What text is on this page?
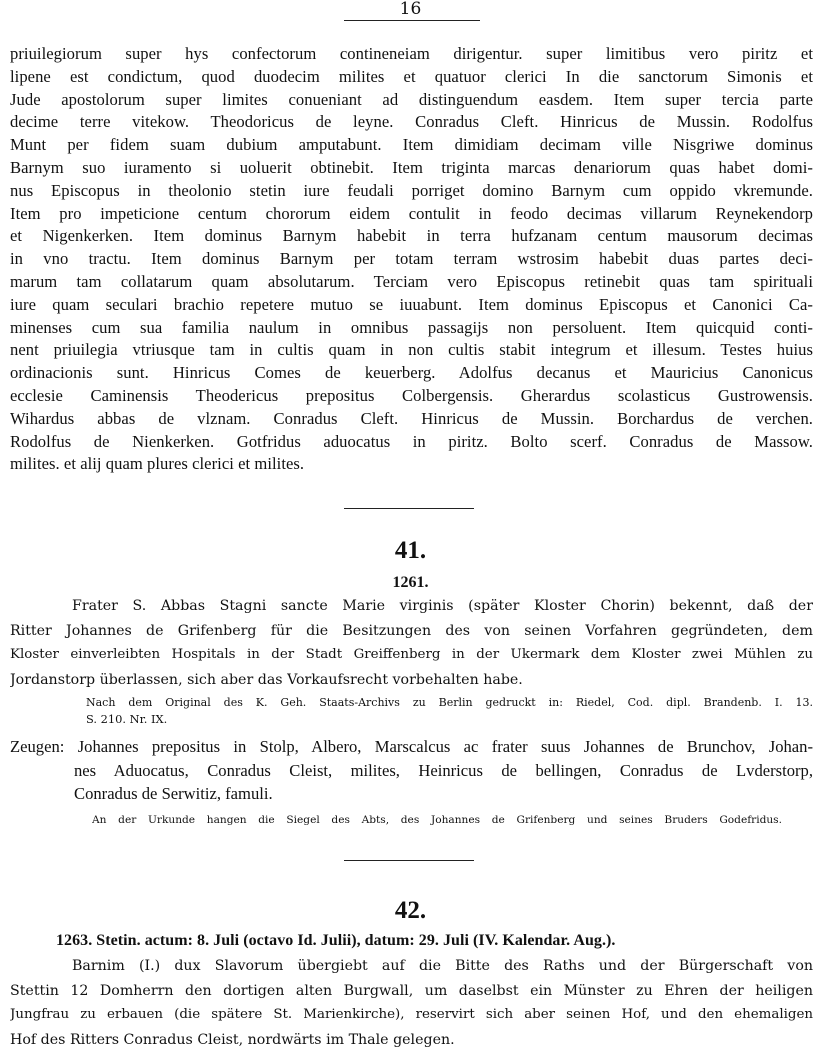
16
priuilegiorum super hys confectorum contineneiam dirigentur. super limitibus vero piritz et
lipene est condictum, quod duodecim milites et quatuor clerici In die sanctorum Simonis et
Jude apostolorum super limites conueniant ad distinguendum easdem. Item super tercia parte
decime terre vitekow. Theodoricus de leyne. Conradus Cleft. Hinricus de Mussin. Rodolfus
Munt per fidem suam dubium amputabunt. Item dimidiam decimam ville Nisgriwe dominus
Barnym suo iuramento si uoluerit obtinebit. Item triginta marcas denariorum quas habet domi-
nus Episcopus in theolonio stetin iure feudali porriget domino Barnym cum oppido vkremunde.
Item pro impeticione centum chororum eidem contulit in feodo decimas villarum Reynekendorp
et Nigenkerken. Item dominus Barnym habebit in terra hufzanam centum mausorum decimas
in vno tractu. Item dominus Barnym per totam terram wstrosim habebit duas partes deci-
marum tam collatarum quam absolutarum. Terciam vero Episcopus retinebit quas tam spirituali
iure quam seculari brachio repetere mutuo se iuuabunt. Item dominus Episcopus et Canonici Ca-
minenses cum sua familia naulum in omnibus passagijs non persoluent. Item quicquid conti-
nent priuilegia vtriusque tam in cultis quam in non cultis stabit integrum et illesum. Testes huius
ordinacionis sunt. Hinricus Comes de keuerberg. Adolfus decanus et Mauricius Canonicus
ecclesie Caminensis Theodericus prepositus Colbergensis. Gherardus scolasticus Gustrowensis.
Wihardus abbas de vlznam. Conradus Cleft. Hinricus de Mussin. Borchardus de verchen.
Rodolfus de Nienkerken. Gotfridus aduocatus in piritz. Bolto scerf. Conradus de Massow.
milites. et alij quam plures clerici et milites.
41.
1261.
Frater S. Abbas Stagni sancte Marie virginis (später Kloster Chorin) bekennt, daß der
Ritter Johannes de Grifenberg für die Besitzungen des von seinen Vorfahren gegründeten, dem
Kloster einverleibten Hospitals in der Stadt Greiffenberg in der Ukermark dem Kloster zwei Mühlen zu
Jordanstorp überlassen, sich aber das Vorkaufsrecht vorbehalten habe.
Nach dem Original des K. Geh. Staats-Archivs zu Berlin gedruckt in: Riedel, Cod. dipl. Brandenb. I. 13.
S. 210. Nr. IX.
Zeugen: Johannes prepositus in Stolp, Albero, Marscalcus ac frater suus Johannes de Brunchov, Johan-
nes Aduocatus, Conradus Cleist, milites, Heinricus de bellingen, Conradus de Lvderstorp,
Conradus de Serwitiz, famuli.
An der Urkunde hangen die Siegel des Abts, des Johannes de Grifenberg und seines Bruders Godefridus.
42.
1263. Stetin. actum: 8. Juli (octavo Id. Julii), datum: 29. Juli (IV. Kalendar. Aug.).
Barnim (I.) dux Slavorum übergiebt auf die Bitte des Raths und der Bürgerschaft von
Stettin 12 Domherrn den dortigen alten Burgwall, um daselbst ein Münster zu Ehren der heiligen
Jungfrau zu erbauen (die spätere St. Marienkirche), reservirt sich aber seinen Hof, und den ehemaligen
Hof des Ritters Conradus Cleist, nordwärts im Thale gelegen.
